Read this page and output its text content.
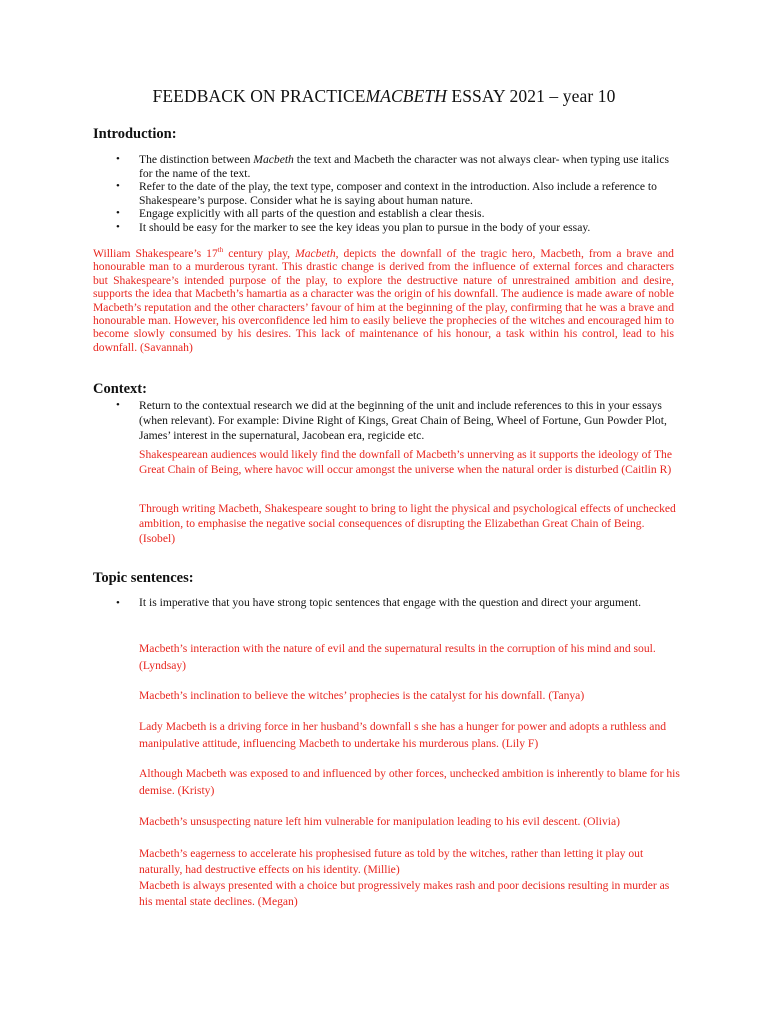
FEEDBACK ON PRACTICEMACBETH ESSAY 2021 – year 10
Introduction:
• The distinction between Macbeth the text and Macbeth the character was not always clear- when typing use italics for the name of the text.
• Refer to the date of the play, the text type, composer and context in the introduction. Also include a reference to Shakespeare’s purpose. Consider what he is saying about human nature.
• Engage explicitly with all parts of the question and establish a clear thesis.
• It should be easy for the marker to see the key ideas you plan to pursue in the body of your essay.
William Shakespeare’s 17th century play, Macbeth, depicts the downfall of the tragic hero, Macbeth, from a brave and honourable man to a murderous tyrant. This drastic change is derived from the influence of external forces and characters but Shakespeare’s intended purpose of the play, to explore the destructive nature of unrestrained ambition and desire, supports the idea that Macbeth’s hamartia as a character was the origin of his downfall. The audience is made aware of noble Macbeth’s reputation and the other characters’ favour of him at the beginning of the play, confirming that he was a brave and honourable man. However, his overconfidence led him to easily believe the prophecies of the witches and encouraged him to become slowly consumed by his desires. This lack of maintenance of his honour, a task within his control, lead to his downfall. (Savannah)
Context:
• Return to the contextual research we did at the beginning of the unit and include references to this in your essays (when relevant). For example: Divine Right of Kings, Great Chain of Being, Wheel of Fortune, Gun Powder Plot, James’ interest in the supernatural, Jacobean era, regicide etc.
Shakespearean audiences would likely find the downfall of Macbeth’s unnerving as it supports the ideology of The Great Chain of Being, where havoc will occur amongst the universe when the natural order is disturbed (Caitlin R)
Through writing Macbeth, Shakespeare sought to bring to light the physical and psychological effects of unchecked ambition, to emphasise the negative social consequences of disrupting the Elizabethan Great Chain of Being. (Isobel)
Topic sentences:
• It is imperative that you have strong topic sentences that engage with the question and direct your argument.
Macbeth’s interaction with the nature of evil and the supernatural results in the corruption of his mind and soul. (Lyndsay)
Macbeth’s inclination to believe the witches’ prophecies is the catalyst for his downfall. (Tanya)
Lady Macbeth is a driving force in her husband’s downfall s she has a hunger for power and adopts a ruthless and manipulative attitude, influencing Macbeth to undertake his murderous plans. (Lily F)
Although Macbeth was exposed to and influenced by other forces, unchecked ambition is inherently to blame for his demise. (Kristy)
Macbeth’s unsuspecting nature left him vulnerable for manipulation leading to his evil descent. (Olivia)
Macbeth’s eagerness to accelerate his prophesised future as told by the witches, rather than letting it play out naturally, had destructive effects on his identity. (Millie)
Macbeth is always presented with a choice but progressively makes rash and poor decisions resulting in murder as his mental state declines. (Megan)
